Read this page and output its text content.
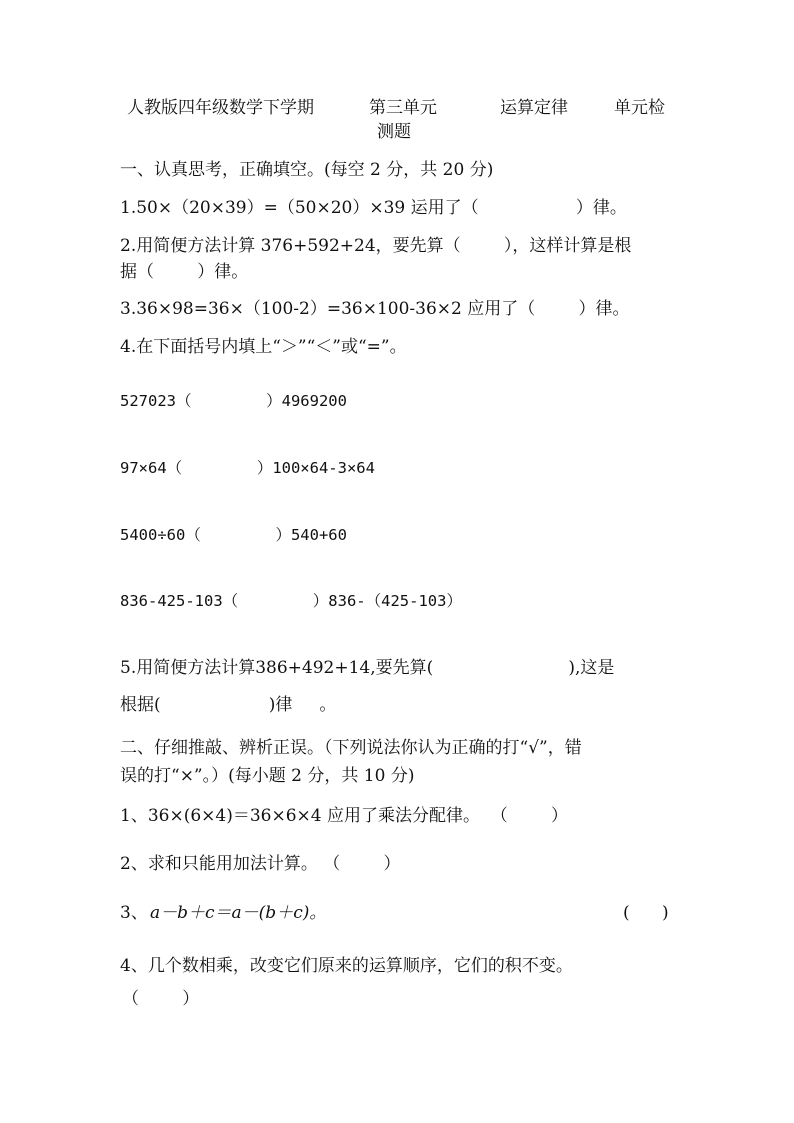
人教版四年级数学下学期	第三单元	运算定律	单元检
测题
一、认真思考，正确填空。(每空 2 分，共 20 分)
1.50×（20×39）=（50×20）×39 运用了（                  ）律。
2.用简便方法计算 376+592+24，要先算（        ），这样计算是根
据（        ）律。
3.36×98=36×（100-2）=36×100-36×2 应用了（        ）律。
4.在下面括号内填上“＞”“＜”或“=”。
527023（        ）4969200
97×64（        ）100×64-3×64
5400÷60（        ）540+60
836-425-103（        ）836-（425-103）
5.用简便方法计算386+492+14,要先算(                         ),这是
根据(                    )律     。
二、仔细推敲、辨析正误。（下列说法你认为正确的打“√”，错
误的打“×”。）(每小题 2 分，共 10 分)
1、36×(6×4)＝36×6×4 应用了乘法分配律。  （        ）
2、求和只能用加法计算。 （        ）
3、 a－b＋c＝a－(b＋c)。	(      )
4、几个数相乘，改变它们原来的运算顺序，它们的积不变。
（        ）
